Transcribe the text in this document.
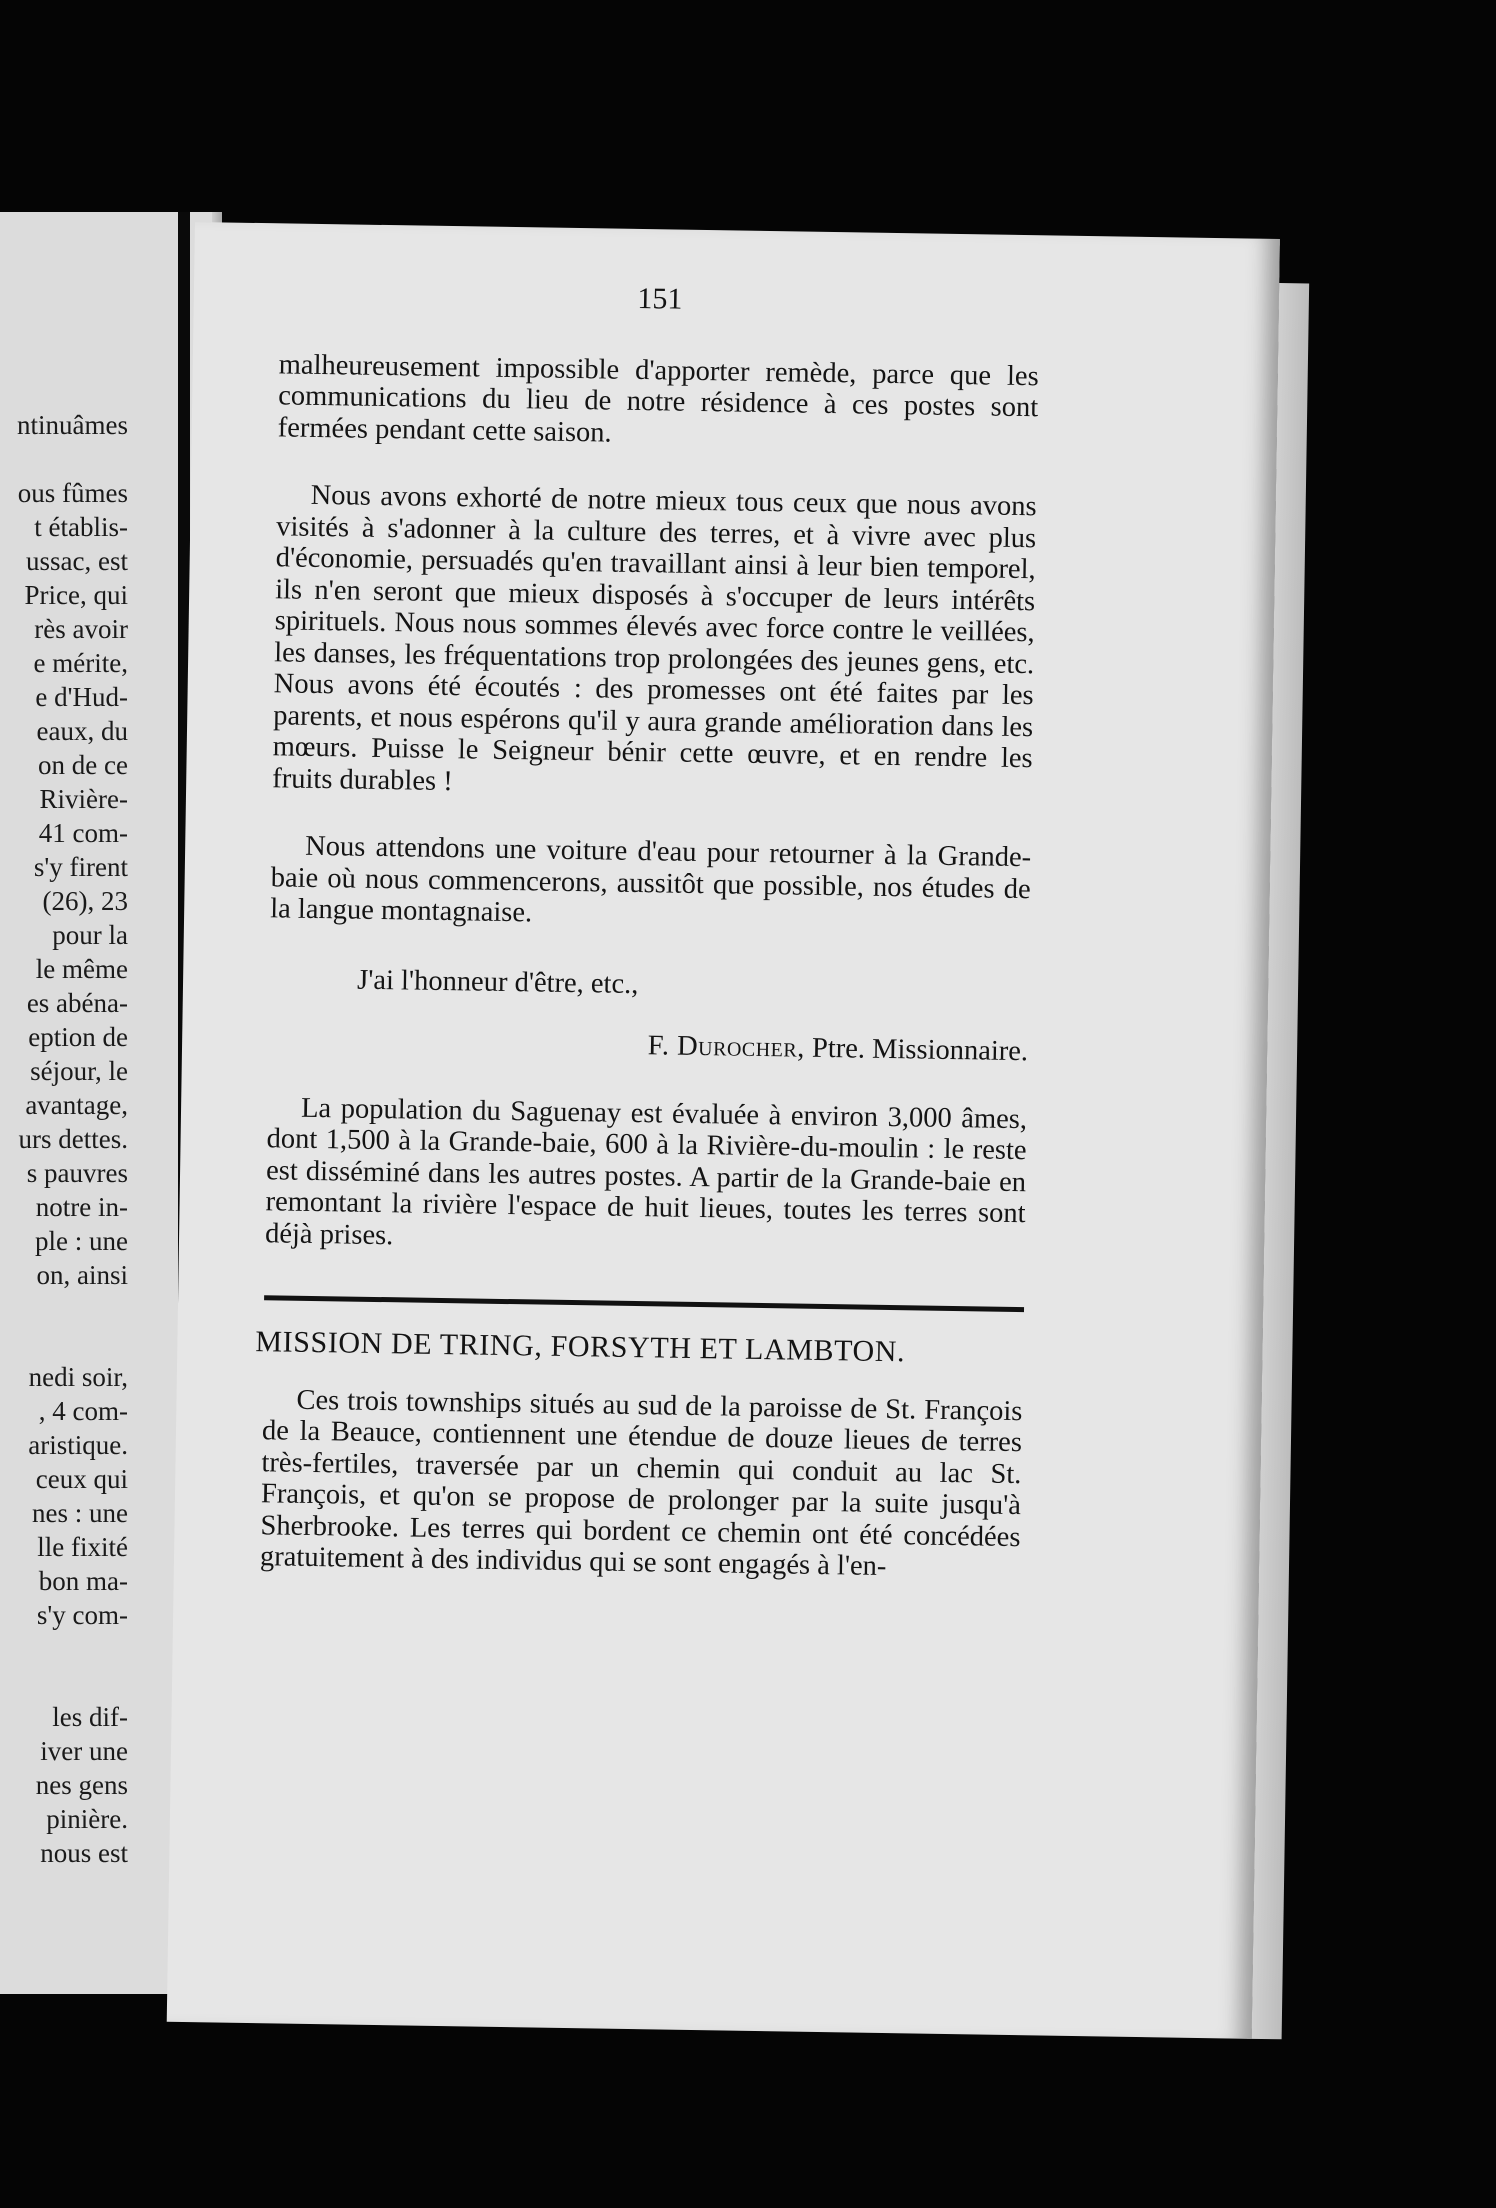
ntinuâmes
ous fûmes
t établis-
ussac, est
Price, qui
rès avoir
e mérite,
e d'Hud-
eaux, du
on de ce
Rivière-
41 com-
s'y firent
(26), 23
pour la
le même
es abéna-
eption de
séjour, le
avantage,
urs dettes.
s pauvres
notre in-
ple : une
on, ainsi
nedi soir,
, 4 com-
aristique.
ceux qui
nes : une
lle fixité
bon ma-
s'y com-
les dif-
iver une
nes gens
pinière.
nous est
151

malheureusement impossible d'apporter remède, parce que les communications du lieu de notre résidence à ces postes sont fermées pendant cette saison.

Nous avons exhorté de notre mieux tous ceux que nous avons visités à s'adonner à la culture des terres, et à vivre avec plus d'économie, persuadés qu'en travaillant ainsi à leur bien temporel, ils n'en seront que mieux disposés à s'occuper de leurs intérêts spirituels. Nous nous sommes élevés avec force contre le veillées, les danses, les fréquentations trop prolongées des jeunes gens, etc. Nous avons été écoutés : des promesses ont été faites par les parents, et nous espérons qu'il y aura grande amélioration dans les mœurs. Puisse le Seigneur bénir cette œuvre, et en rendre les fruits durables !

Nous attendons une voiture d'eau pour retourner à la Grande-baie où nous commencerons, aussitôt que possible, nos études de la langue montagnaise.

J'ai l'honneur d'être, etc.,
F. Durocher, Ptre. Missionnaire.

La population du Saguenay est évaluée à environ 3,000 âmes, dont 1,500 à la Grande-baie, 600 à la Rivière-du-moulin : le reste est disséminé dans les autres postes. A partir de la Grande-baie en remontant la rivière l'espace de huit lieues, toutes les terres sont déjà prises.

MISSION DE TRING, FORSYTH ET LAMBTON.

Ces trois townships situés au sud de la paroisse de St. François de la Beauce, contiennent une étendue de douze lieues de terres très-fertiles, traversée par un chemin qui conduit au lac St. François, et qu'on se propose de prolonger par la suite jusqu'à Sherbrooke. Les terres qui bordent ce chemin ont été concédées gratuitement à des individus qui se sont engagés à l'en-
